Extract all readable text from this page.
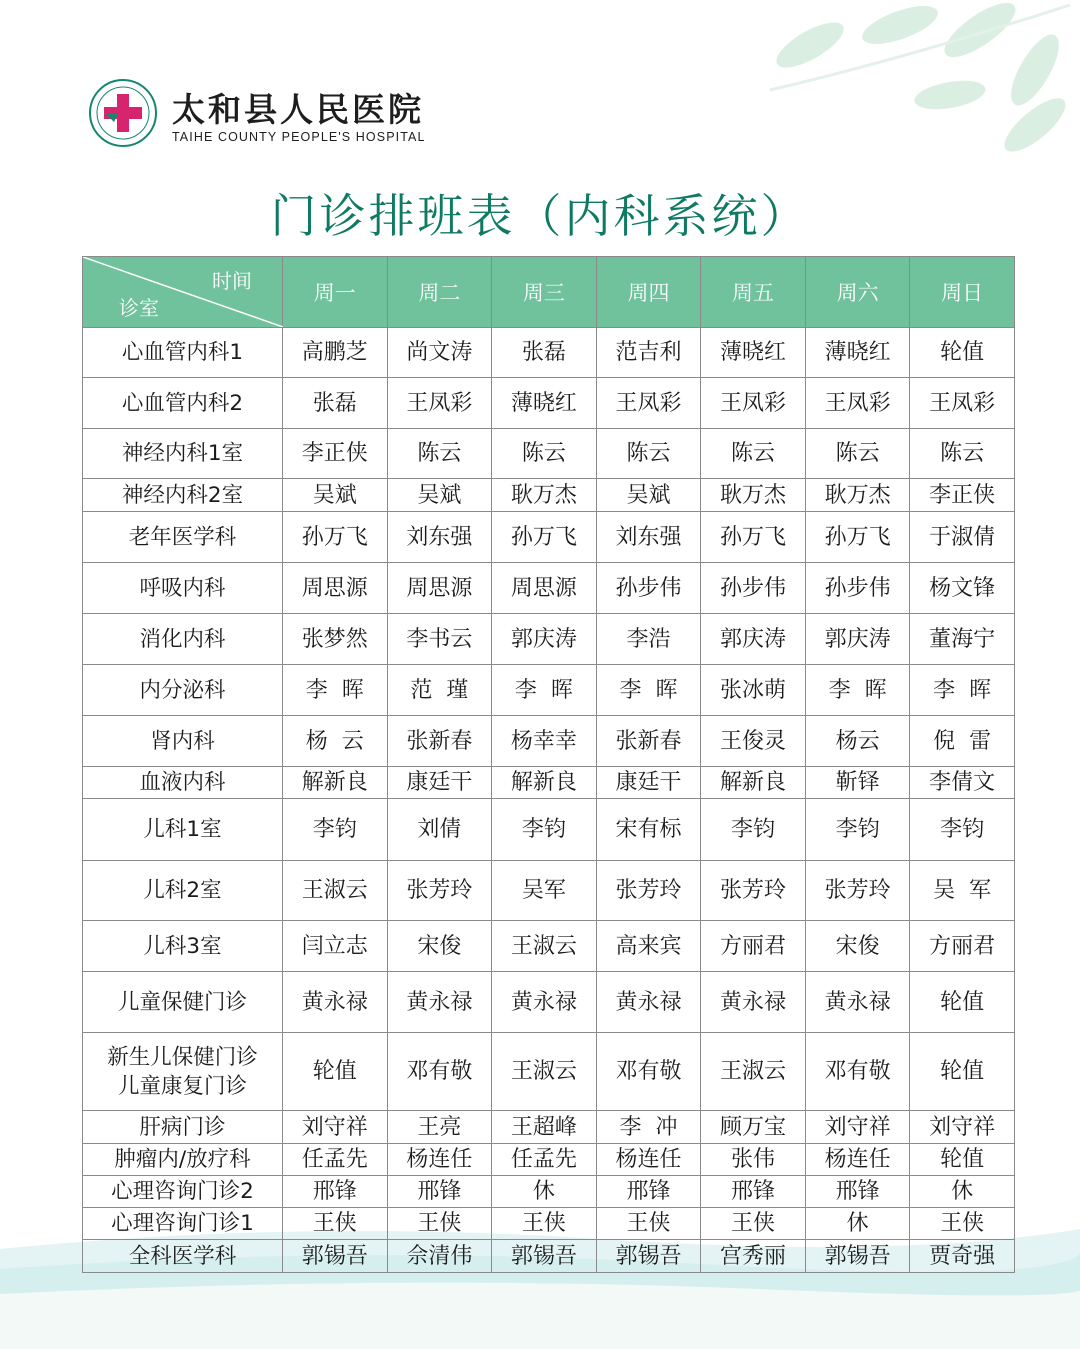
太和县人民医院
TAIHE COUNTY PEOPLE'S HOSPITAL
门诊排班表（内科系统）
时间
诊室	周一	周二	周三	周四	周五	周六	周日
心血管内科1	高鹏芝	尚文涛	张磊	范吉利	薄晓红	薄晓红	轮值
心血管内科2	张磊	王凤彩	薄晓红	王凤彩	王凤彩	王凤彩	王凤彩
神经内科1室	李正侠	陈云	陈云	陈云	陈云	陈云	陈云
神经内科2室	吴斌	吴斌	耿万杰	吴斌	耿万杰	耿万杰	李正侠
老年医学科	孙万飞	刘东强	孙万飞	刘东强	孙万飞	孙万飞	于淑倩
呼吸内科	周思源	周思源	周思源	孙步伟	孙步伟	孙步伟	杨文锋
消化内科	张梦然	李书云	郭庆涛	李浩	郭庆涛	郭庆涛	董海宁
内分泌科	李  晖	范  瑾	李  晖	李  晖	张冰萌	李  晖	李  晖
肾内科	杨  云	张新春	杨幸幸	张新春	王俊灵	杨云	倪  雷
血液内科	解新良	康廷干	解新良	康廷干	解新良	靳铎	李倩文
儿科1室	李钧	刘倩	李钧	宋有标	李钧	李钧	李钧
儿科2室	王淑云	张芳玲	吴军	张芳玲	张芳玲	张芳玲	吴  军
儿科3室	闫立志	宋俊	王淑云	高来宾	方丽君	宋俊	方丽君
儿童保健门诊	黄永禄	黄永禄	黄永禄	黄永禄	黄永禄	黄永禄	轮值
新生儿保健门诊
儿童康复门诊	轮值	邓有敬	王淑云	邓有敬	王淑云	邓有敬	轮值
肝病门诊	刘守祥	王亮	王超峰	李  冲	顾万宝	刘守祥	刘守祥
肿瘤内/放疗科	任孟先	杨连任	任孟先	杨连任	张伟	杨连任	轮值
心理咨询门诊2	邢锋	邢锋	休	邢锋	邢锋	邢锋	休
心理咨询门诊1	王侠	王侠	王侠	王侠	王侠	休	王侠
全科医学科	郭锡吾	佘清伟	郭锡吾	郭锡吾	宫秀丽	郭锡吾	贾奇强
